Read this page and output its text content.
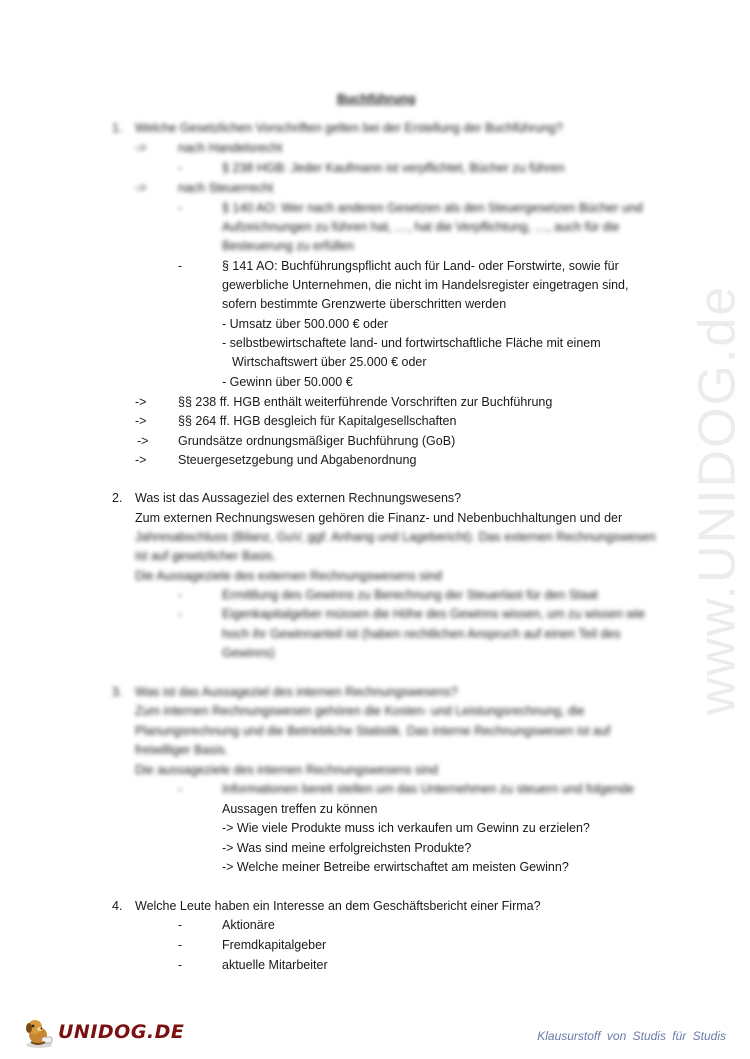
www.UNIDOG.de
Buchführung
1. Welche Gesetzlichen Vorschriften gelten bei der Erstellung der Buchführung?
->	nach Handelsrecht
-	§ 238 HGB: Jeder Kaufmann ist verpflichtet, Bücher zu führen
->	nach Steuerrecht
-	§ 140 AO: Wer nach anderen Gesetzen als den Steuergesetzen Bücher und
Aufzeichnungen zu führen hat, …, hat die Verpflichtung, …, auch für die
Besteuerung zu erfüllen
-	§ 141 AO: Buchführungspflicht auch für Land- oder Forstwirte, sowie für
gewerbliche Unternehmen, die nicht im Handelsregister eingetragen sind,
sofern bestimmte Grenzwerte überschritten werden
- Umsatz über 500.000 € oder
- selbstbewirtschaftete land- und fortwirtschaftliche Fläche mit einem
Wirtschaftswert über 25.000 € oder
- Gewinn über 50.000 €
->	§§ 238 ff. HGB enthält weiterführende Vorschriften zur Buchführung
->	§§ 264 ff. HGB desgleich für Kapitalgesellschaften
-> Grundsätze ordnungsmäßiger Buchführung (GoB)
->	Steuergesetzgebung und Abgabenordnung
2. Was ist das Aussageziel des externen Rechnungswesens?
Zum externen Rechnungswesen gehören die Finanz- und Nebenbuchhaltungen und der
Jahresabschluss (Bilanz, GuV, ggf. Anhang und Lagebericht). Das externen Rechnungswesen
ist auf gesetzlicher Basis.
Die Aussageziele des externen Rechnungswesens sind
-	Ermittlung des Gewinns zu Berechnung der Steuerlast für den Staat
-	Eigenkapitalgeber müssen die Höhe des Gewinns wissen, um zu wissen wie
hoch ihr Gewinnanteil ist (haben rechtlichen Anspruch auf einen Teil des
Gewinns)
3. Was ist das Aussageziel des internen Rechnungswesens?
Zum internen Rechnungswesen gehören die Kosten- und Leistungsrechnung, die
Planungsrechnung und die Betriebliche Statistik. Das interne Rechnungswesen ist auf
freiwilliger Basis.
Die aussageziele des internen Rechnungswesens sind
-	Informationen bereit stellen um das Unternehmen zu steuern und folgende
Aussagen treffen zu können
-> Wie viele Produkte muss ich verkaufen um Gewinn zu erzielen?
-> Was sind meine erfolgreichsten Produkte?
-> Welche meiner Betreibe erwirtschaftet am meisten Gewinn?
4. Welche Leute haben ein Interesse an dem Geschäftsbericht einer Firma?
-	Aktionäre
-	Fremdkapitalgeber
-	aktuelle Mitarbeiter
UNIDOG.DE	Klausurstoff von Studis für Studis
